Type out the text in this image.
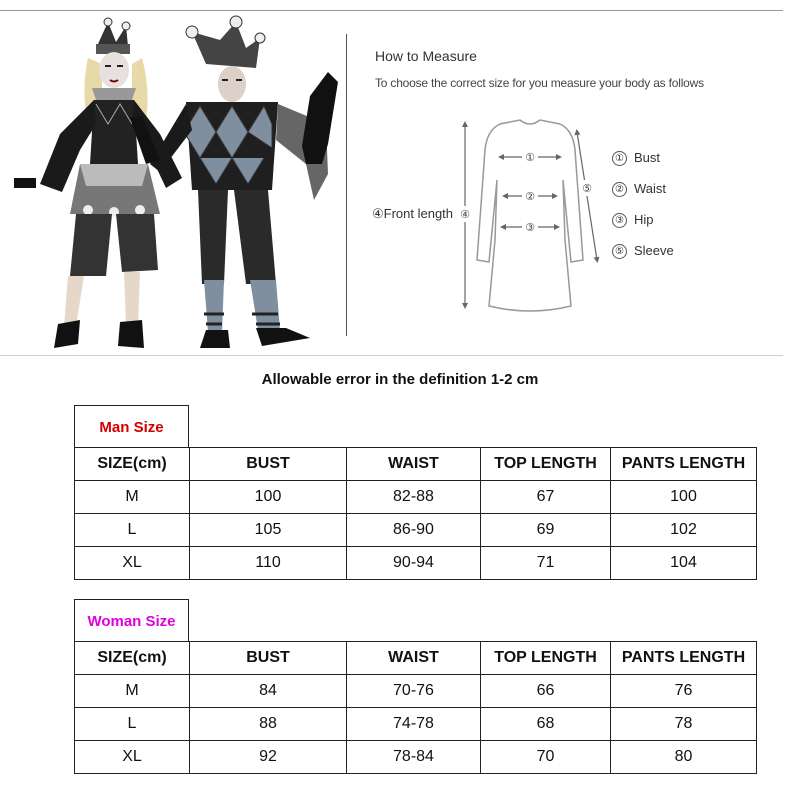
How to Measure
To choose the correct size for you measure your body as follows
①
②
③
⑤
④
④Front length
① Bust
② Waist
③ Hip
⑤ Sleeve
Allowable error in the definition 1-2 cm
Man Size
SIZE(cm)	BUST	WAIST	TOP LENGTH	PANTS LENGTH
M	100	82-88	67	100
L	105	86-90	69	102
XL	110	90-94	71	104
Woman Size
SIZE(cm)	BUST	WAIST	TOP LENGTH	PANTS LENGTH
M	84	70-76	66	76
L	88	74-78	68	78
XL	92	78-84	70	80
